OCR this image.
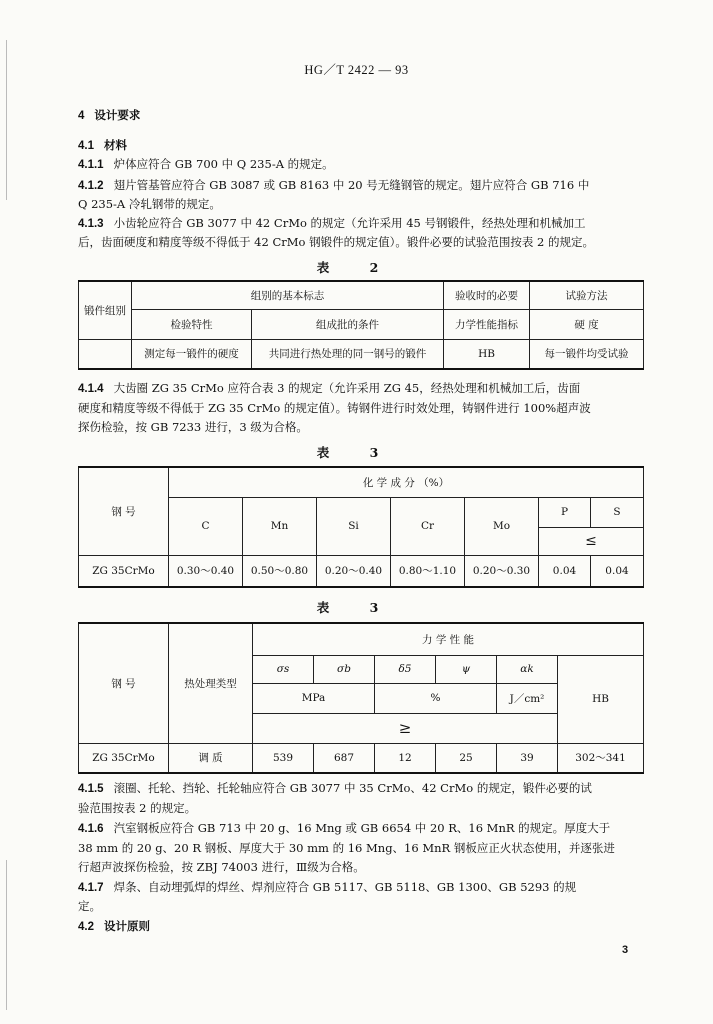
HG／T 2422 — 93
4 设计要求
4.1 材料
4.1.1 炉体应符合 GB 700 中 Q 235-A 的规定。
4.1.2 翅片管基管应符合 GB 3087 或 GB 8163 中 20 号无缝钢管的规定。翅片应符合 GB 716 中
Q 235-A 冷轧钢带的规定。
4.1.3 小齿轮应符合 GB 3077 中 42 CrMo 的规定（允许采用 45 号钢锻件，经热处理和机械加工
后，齿面硬度和精度等级不得低于 42 CrMo 钢锻件的规定值）。锻件必要的试验范围按表 2 的规定。
表 2
锻件组别	组别的基本标志		验收时的必要	试验方法
	检验特性	组成批的条件	力学性能指标	硬 度
	测定每一锻件的硬度	共同进行热处理的同一钢号的锻件	HB	每一锻件均受试验
4.1.4 大齿圈 ZG 35 CrMo 应符合表 3 的规定（允许采用 ZG 45，经热处理和机械加工后，齿面
硬度和精度等级不得低于 ZG 35 CrMo 的规定值）。铸钢件进行时效处理，铸钢件进行 100%超声波
探伤检验，按 GB 7233 进行，3 级为合格。
表 3
钢 号	化 学 成 分 （%）						
	C	Mn	Si	Cr	Mo	P	S
						≤	
ZG 35CrMo	0.30～0.40	0.50～0.80	0.20～0.40	0.80～1.10	0.20～0.30	0.04	0.04
表 3
钢 号	热处理类型	力 学 性 能					
		σs	σb	δ5	ψ	αk	HB
		MPa		%		J／cm²	
		≥					
ZG 35CrMo	调 质	539	687	12	25	39	302～341
4.1.5 滚圈、托轮、挡轮、托轮轴应符合 GB 3077 中 35 CrMo、42 CrMo 的规定，锻件必要的试
验范围按表 2 的规定。
4.1.6 汽室钢板应符合 GB 713 中 20 g、16 Mng 或 GB 6654 中 20 R、16 MnR 的规定。厚度大于
38 mm 的 20 g、20 R 钢板、厚度大于 30 mm 的 16 Mng、16 MnR 钢板应正火状态使用，并逐张进
行超声波探伤检验，按 ZBJ 74003 进行，Ⅲ级为合格。
4.1.7 焊条、自动埋弧焊的焊丝、焊剂应符合 GB 5117、GB 5118、GB 1300、GB 5293 的规
定。
4.2 设计原则
3
